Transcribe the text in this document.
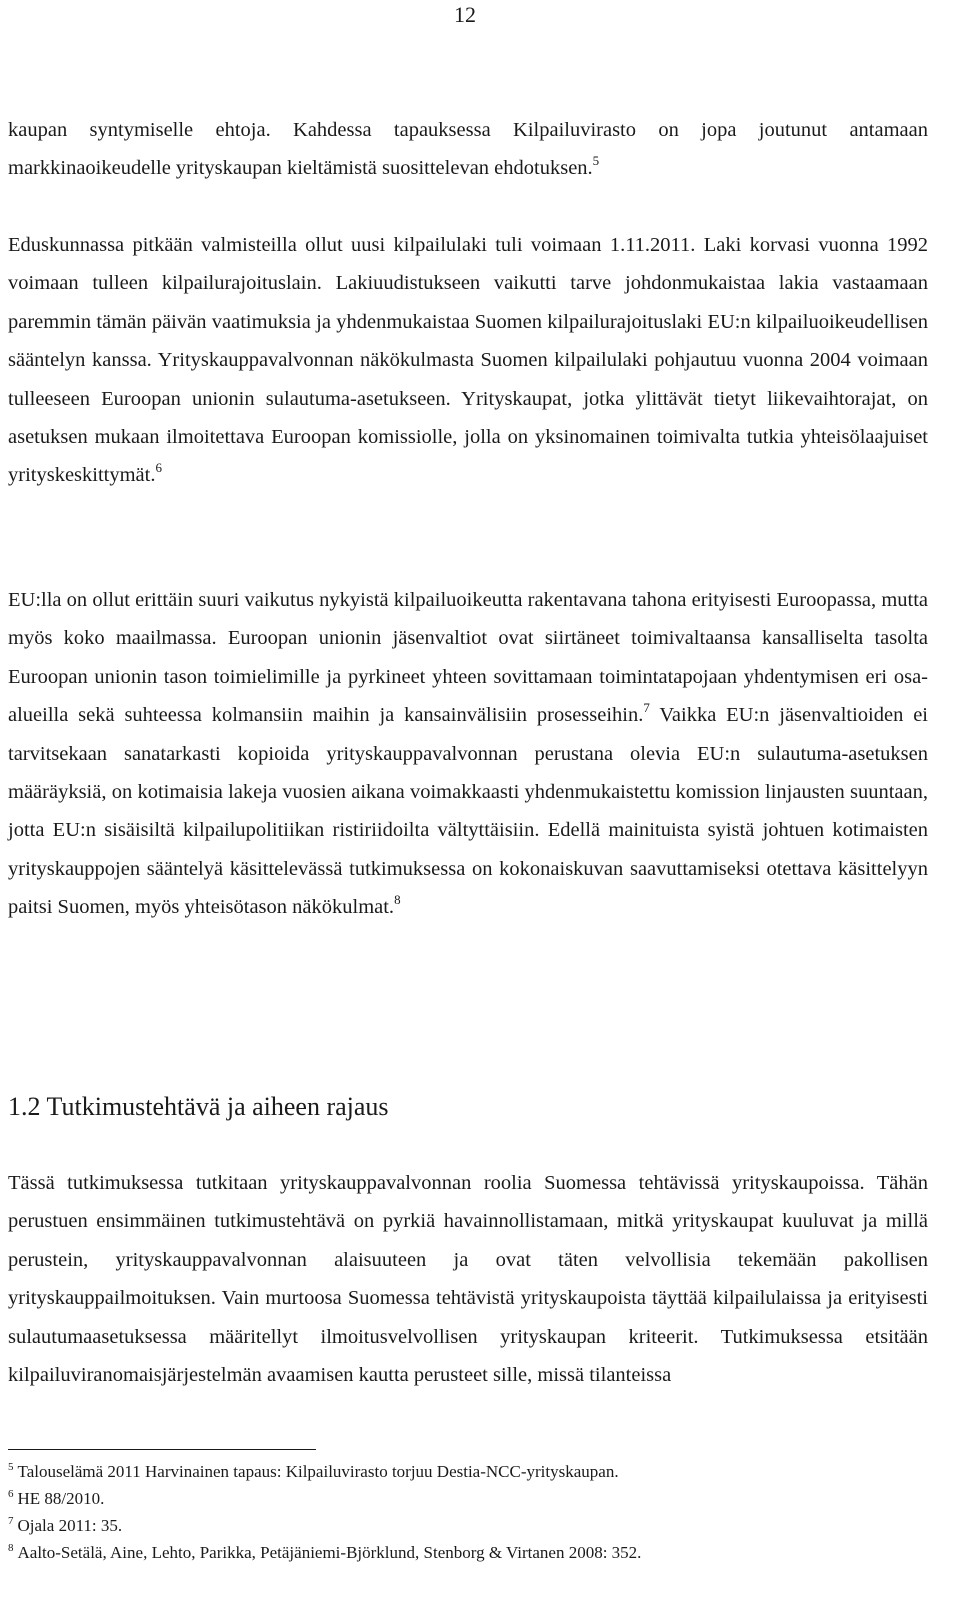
12

kaupan syntymiselle ehtoja. Kahdessa tapauksessa Kilpailuvirasto on jopa joutunut antamaan markkinaoikeudelle yrityskaupan kieltämistä suosittelevan ehdotuksen.$^5$

Eduskunnassa pitkään valmisteilla ollut uusi kilpailulaki tuli voimaan 1.11.2011. Laki korvasi vuonna 1992 voimaan tulleen kilpailurajoituslain. Lakiuudistukseen vaikutti tarve johdonmukaistaa lakia vastaamaan paremmin tämän päivän vaatimuksia ja yhdenmukaistaa Suomen kilpailurajoituslaki EU:n kilpailuoikeudellisen sääntelyn kanssa. Yrityskauppavalvonnan näkökulmasta Suomen kilpailulaki pohjautuu vuonna 2004 voimaan tulleeseen Euroopan unionin sulautuma-asetukseen. Yrityskaupat, jotka ylittävät tietyt liikevaihtorajat, on asetuksen mukaan ilmoitettava Euroopan komissiolle, jolla on yksinomainen toimivalta tutkia yhteisölaajuiset yrityskeskittymät.$^6$

EU:lla on ollut erittäin suuri vaikutus nykyistä kilpailuoikeutta rakentavana tahona erityisesti Euroopassa, mutta myös koko maailmassa. Euroopan unionin jäsenvaltiot ovat siirtäneet toimivaltaansa kansalliselta tasolta Euroopan unionin tason toimielimille ja pyrkineet yhteen sovittamaan toimintatapojaan yhdentymisen eri osa-alueilla sekä suhteessa kolmansiin maihin ja kansainvälisiin prosesseihin.$^7$ Vaikka EU:n jäsenvaltioiden ei tarvitsekaan sanatarkasti kopioida yrityskauppavalvonnan perustana olevia EU:n sulautuma-asetuksen määräyksiä, on kotimaisia lakeja vuosien aikana voimakkaasti yhdenmukaistettu komission linjausten suuntaan, jotta EU:n sisäisiltä kilpailupolitiikan ristiriidoilta vältyttäisiin. Edellä mainituista syistä johtuen kotimaisten yrityskauppojen sääntelyä käsittelevässä tutkimuksessa on kokonaiskuvan saavuttamiseksi otettava käsittelyyn paitsi Suomen, myös yhteisötason näkökulmat.$^8$

1.2 Tutkimustehtävä ja aiheen rajaus

Tässä tutkimuksessa tutkitaan yrityskauppavalvonnan roolia Suomessa tehtävissä yrityskaupoissa. Tähän perustuen ensimmäinen tutkimustehtävä on pyrkiä havainnollistamaan, mitkä yrityskaupat kuuluvat ja millä perustein, yrityskauppavalvonnan alaisuuteen ja ovat täten velvollisia tekemään pakollisen yrityskauppailmoituksen. Vain murtoosa Suomessa tehtävistä yrityskaupoista täyttää kilpailulaissa ja erityisesti sulautumaasetuksessa määritellyt ilmoitusvelvollisen yrityskaupan kriteerit. Tutkimuksessa etsitään kilpailuviranomaisjärjestelmän avaamisen kautta perusteet sille, missä tilanteissa

$^5$ Talouselämä 2011 Harvinainen tapaus: Kilpailuvirasto torjuu Destia-NCC-yrityskaupan.
$^6$ HE 88/2010.
$^7$ Ojala 2011: 35.
$^8$ Aalto-Setälä, Aine, Lehto, Parikka, Petäjäniemi-Björklund, Stenborg & Virtanen 2008: 352.
